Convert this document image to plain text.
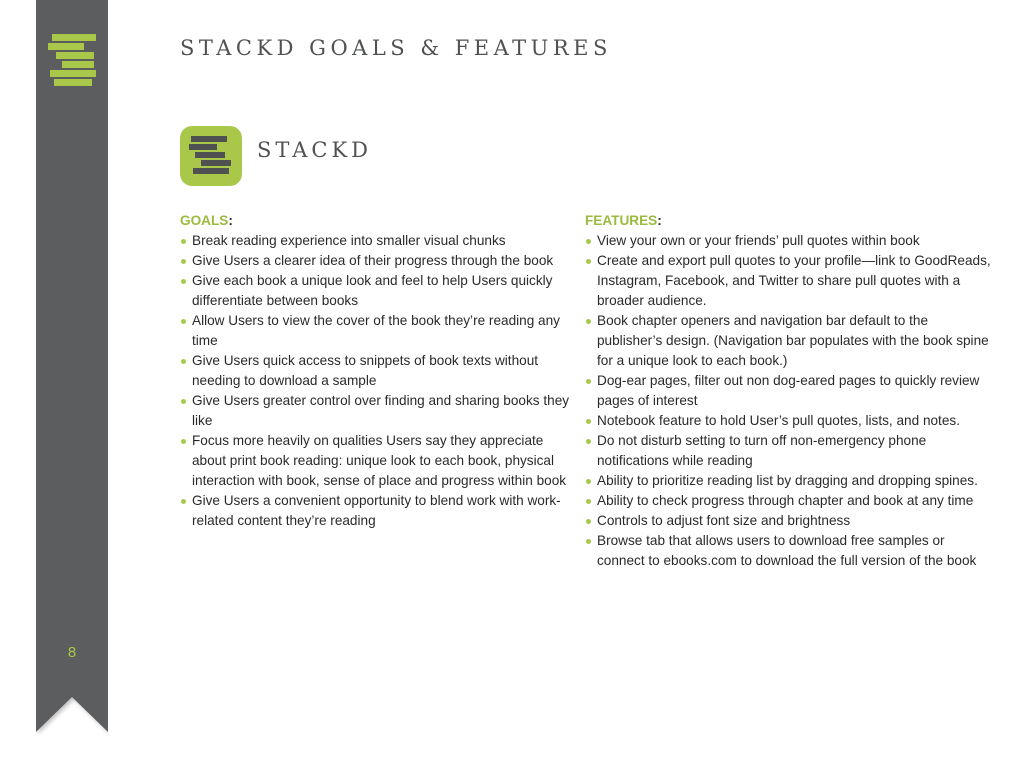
8
STACKD GOALS & FEATURES
STACKD

GOALS:

Break reading experience into smaller visual chunks
Give Users a clearer idea of their progress through the book
Give each book a unique look and feel to help Users quickly differentiate between books
Allow Users to view the cover of the book they’re reading any time
Give Users quick access to snippets of book texts without needing to download a sample
Give Users greater control over finding and sharing books they like
Focus more heavily on qualities Users say they appreciate about print book reading: unique look to each book, physical interaction with book, sense of place and progress within book
Give Users a convenient opportunity to blend work with work-related content they’re reading

FEATURES:

View your own or your friends’ pull quotes within book
Create and export pull quotes to your profile—link to GoodReads, Instagram, Facebook, and Twitter to share pull quotes with a broader audience.
Book chapter openers and navigation bar default to the publisher’s design. (Navigation bar populates with the book spine for a unique look to each book.)
Dog-ear pages, filter out non dog-eared pages to quickly review pages of interest
Notebook feature to hold User’s pull quotes, lists, and notes.
Do not disturb setting to turn off non-emergency phone notifications while reading
Ability to prioritize reading list by dragging and dropping spines.
Ability to check progress through chapter and book at any time
Controls to adjust font size and brightness
Browse tab that allows users to download free samples or connect to ebooks.com to download the full version of the book
